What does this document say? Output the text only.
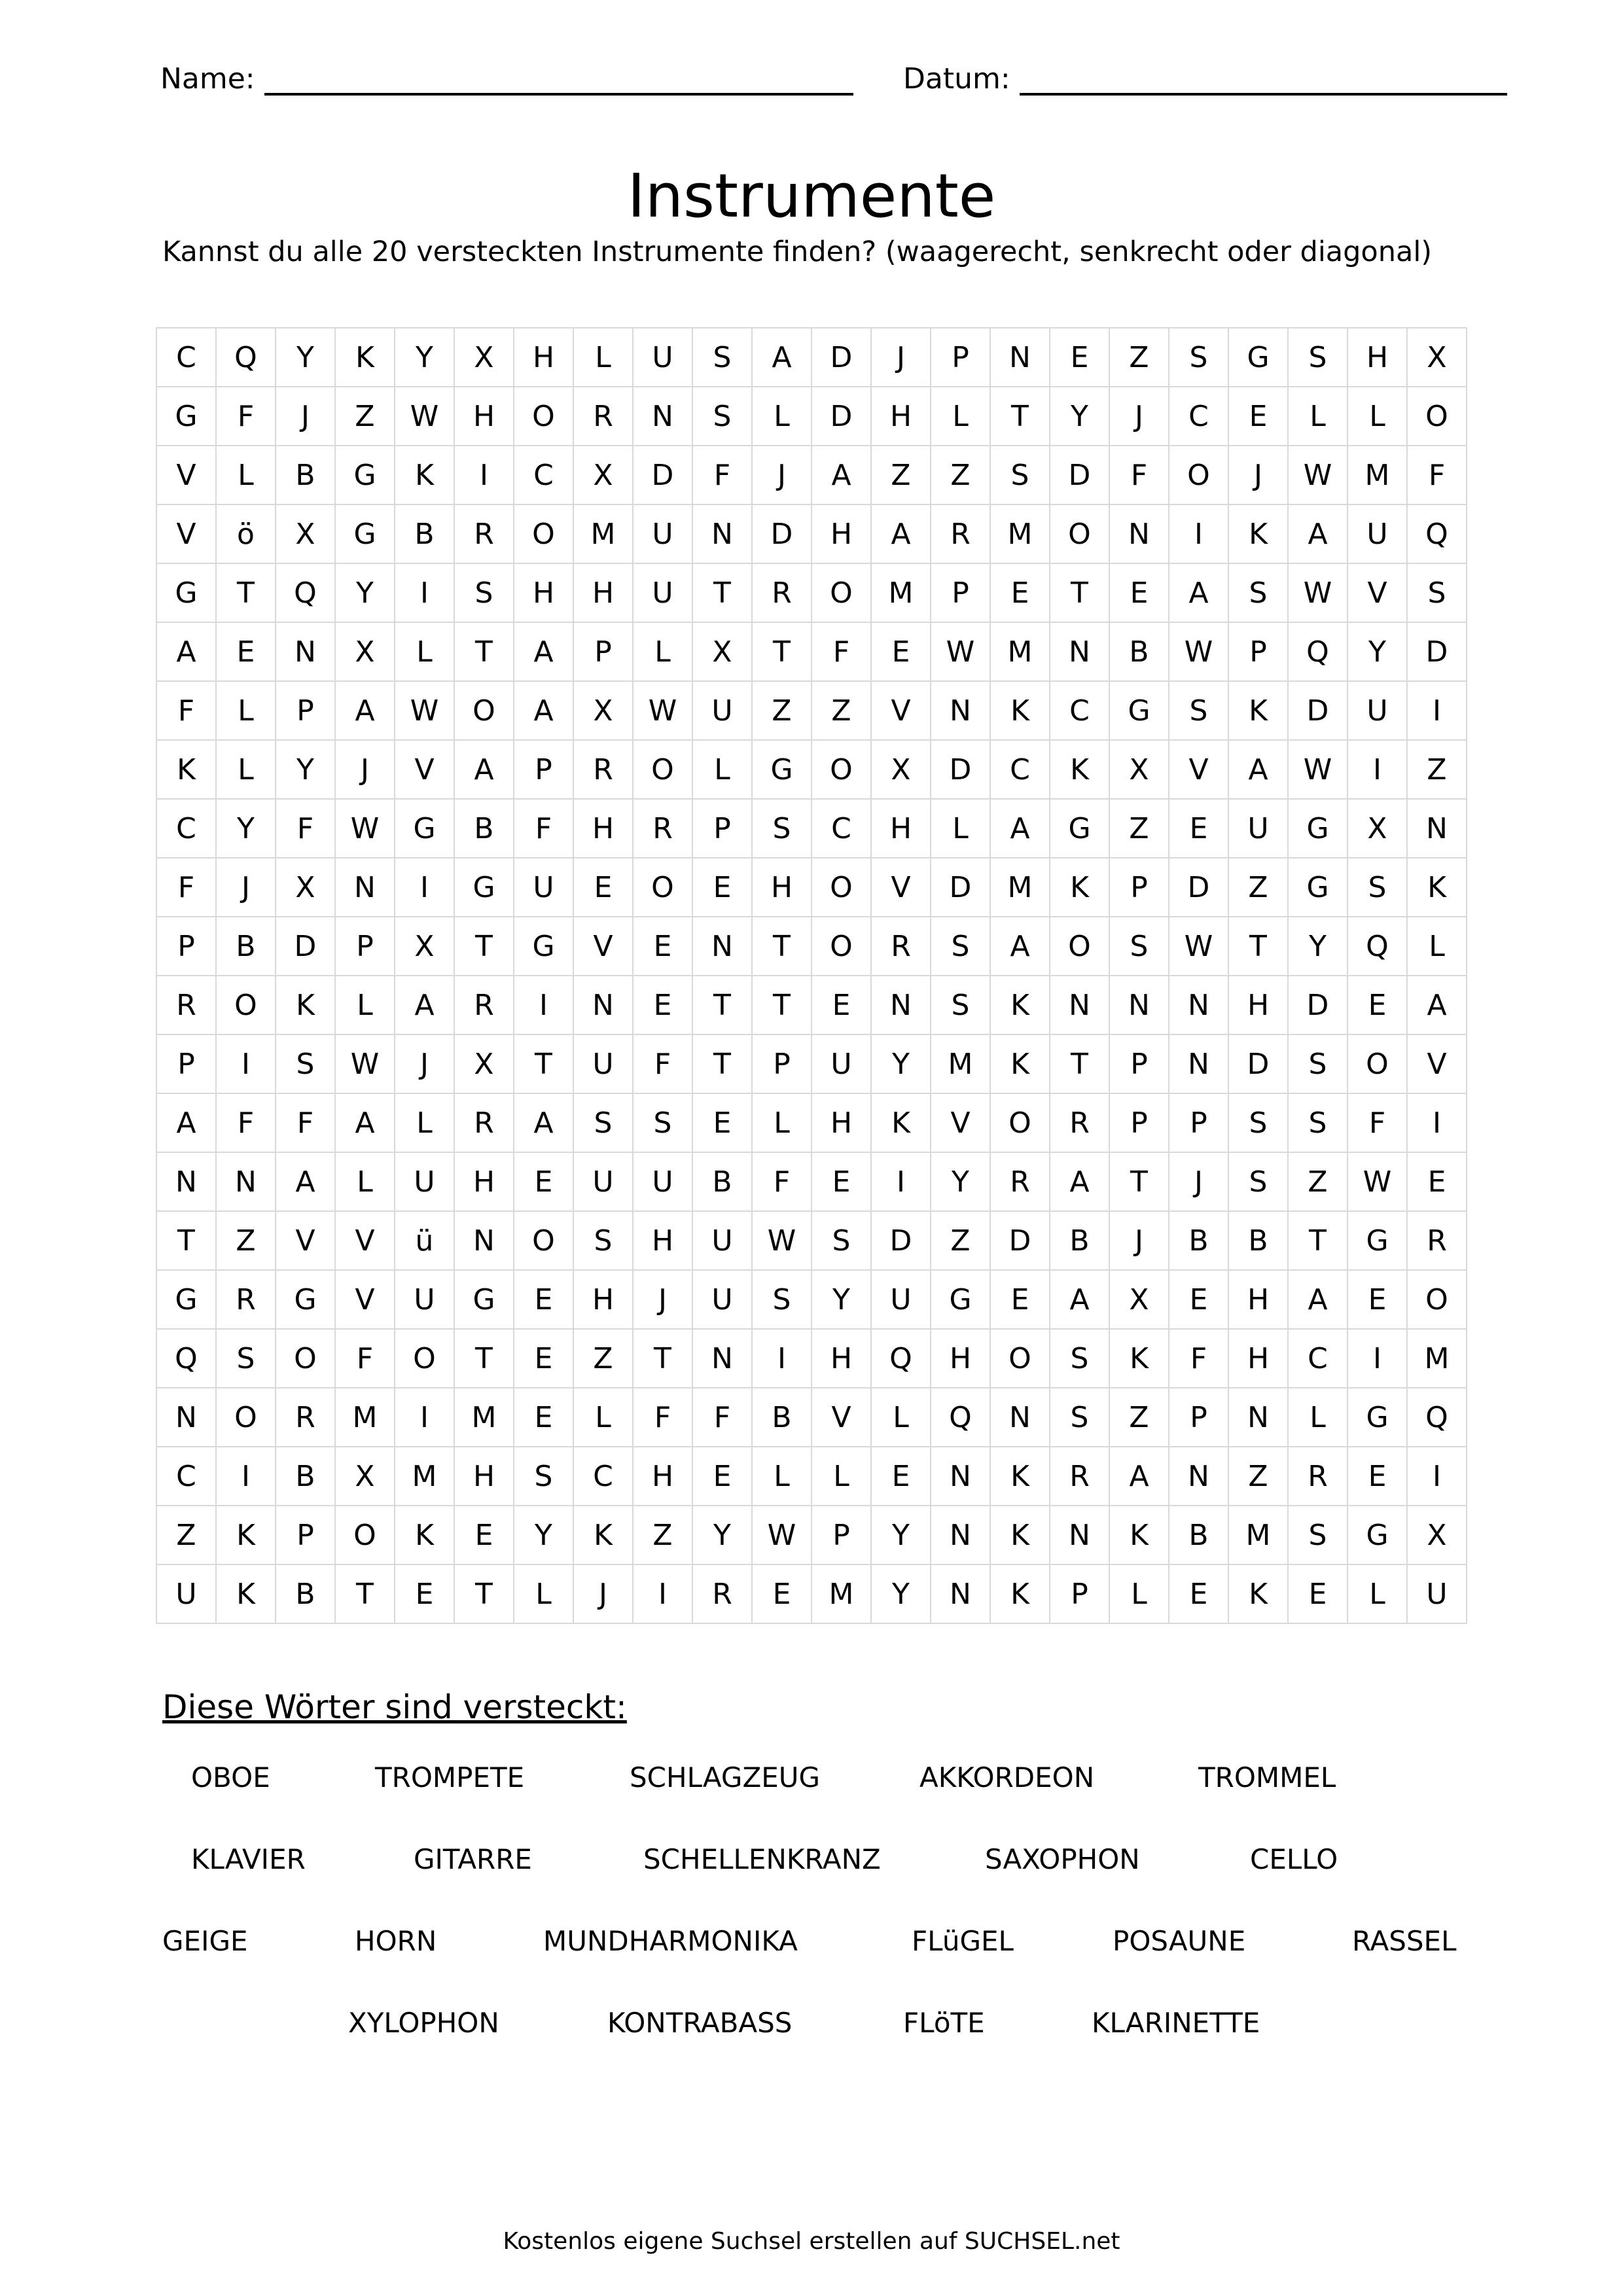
Name:	Datum:
Instrumente
Kannst du alle 20 versteckten Instrumente finden? (waagerecht, senkrecht oder diagonal)
C	Q	Y	K	Y	X	H	L	U	S	A	D	J	P	N	E	Z	S	G	S	H	X
G	F	J	Z	W	H	O	R	N	S	L	D	H	L	T	Y	J	C	E	L	L	O
V	L	B	G	K	I	C	X	D	F	J	A	Z	Z	S	D	F	O	J	W	M	F
V	ö	X	G	B	R	O	M	U	N	D	H	A	R	M	O	N	I	K	A	U	Q
G	T	Q	Y	I	S	H	H	U	T	R	O	M	P	E	T	E	A	S	W	V	S
A	E	N	X	L	T	A	P	L	X	T	F	E	W	M	N	B	W	P	Q	Y	D
F	L	P	A	W	O	A	X	W	U	Z	Z	V	N	K	C	G	S	K	D	U	I
K	L	Y	J	V	A	P	R	O	L	G	O	X	D	C	K	X	V	A	W	I	Z
C	Y	F	W	G	B	F	H	R	P	S	C	H	L	A	G	Z	E	U	G	X	N
F	J	X	N	I	G	U	E	O	E	H	O	V	D	M	K	P	D	Z	G	S	K
P	B	D	P	X	T	G	V	E	N	T	O	R	S	A	O	S	W	T	Y	Q	L
R	O	K	L	A	R	I	N	E	T	T	E	N	S	K	N	N	N	H	D	E	A
P	I	S	W	J	X	T	U	F	T	P	U	Y	M	K	T	P	N	D	S	O	V
A	F	F	A	L	R	A	S	S	E	L	H	K	V	O	R	P	P	S	S	F	I
N	N	A	L	U	H	E	U	U	B	F	E	I	Y	R	A	T	J	S	Z	W	E
T	Z	V	V	ü	N	O	S	H	U	W	S	D	Z	D	B	J	B	B	T	G	R
G	R	G	V	U	G	E	H	J	U	S	Y	U	G	E	A	X	E	H	A	E	O
Q	S	O	F	O	T	E	Z	T	N	I	H	Q	H	O	S	K	F	H	C	I	M
N	O	R	M	I	M	E	L	F	F	B	V	L	Q	N	S	Z	P	N	L	G	Q
C	I	B	X	M	H	S	C	H	E	L	L	E	N	K	R	A	N	Z	R	E	I
Z	K	P	O	K	E	Y	K	Z	Y	W	P	Y	N	K	N	K	B	M	S	G	X
U	K	B	T	E	T	L	J	I	R	E	M	Y	N	K	P	L	E	K	E	L	U
Diese Wörter sind versteckt:
OBOE	TROMPETE	SCHLAGZEUG	AKKORDEON	TROMMEL
KLAVIER	GITARRE	SCHELLENKRANZ	SAXOPHON	CELLO
GEIGE	HORN	MUNDHARMONIKA	FLüGEL	POSAUNE	RASSEL
XYLOPHON	KONTRABASS	FLöTE	KLARINETTE
Kostenlos eigene Suchsel erstellen auf SUCHSEL.net
